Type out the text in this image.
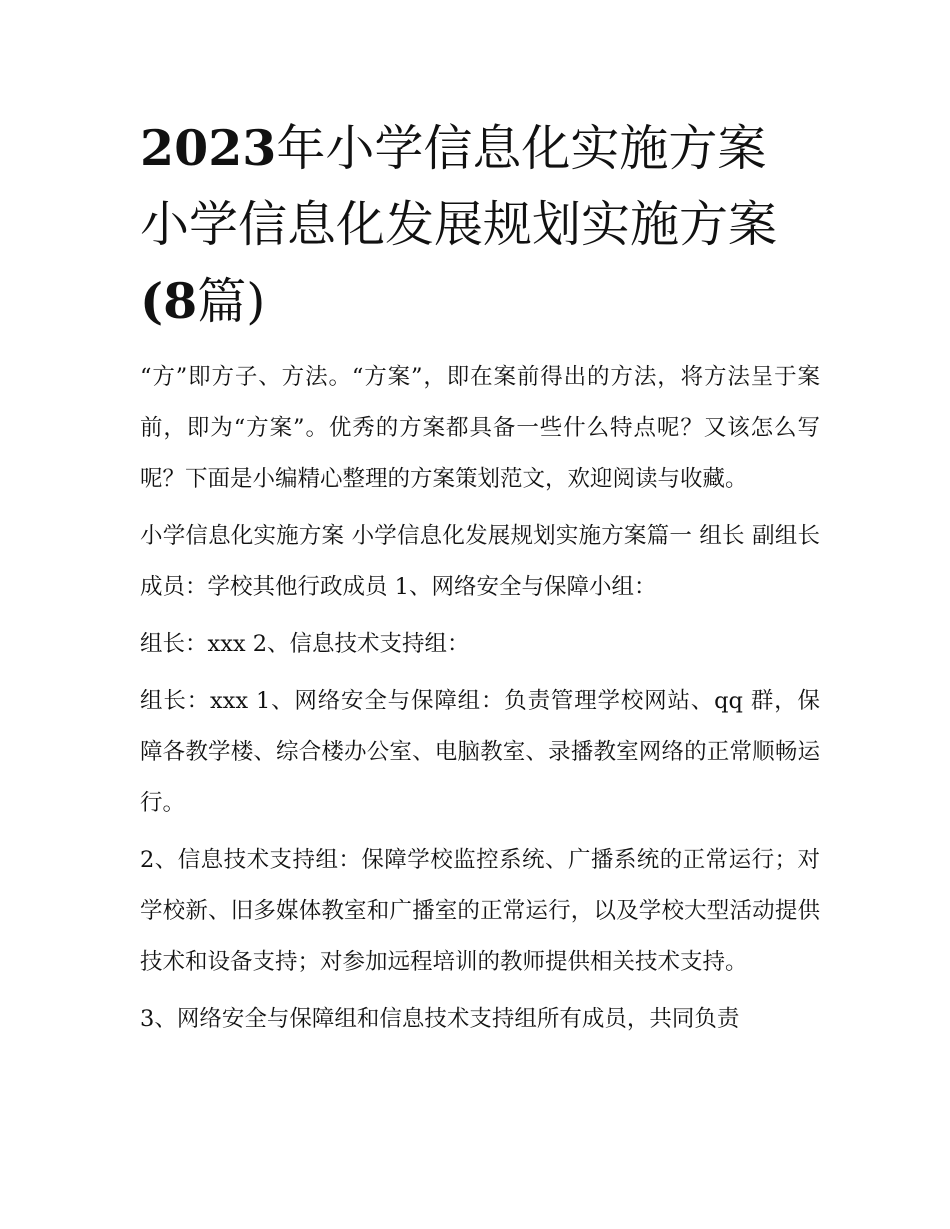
2023年小学信息化实施方案
小学信息化发展规划实施方案
(8篇)

“方”即方子、方法。“方案”，即在案前得出的方法，将方法呈于案前，即为“方案”。优秀的方案都具备一些什么特点呢？又该怎么写呢？下面是小编精心整理的方案策划范文，欢迎阅读与收藏。

小学信息化实施方案 小学信息化发展规划实施方案篇一 组长 副组长 成员：学校其他行政成员 1、网络安全与保障小组：

组长：xxx 2、信息技术支持组：

组长：xxx 1、网络安全与保障组：负责管理学校网站、qq 群，保障各教学楼、综合楼办公室、电脑教室、录播教室网络的正常顺畅运行。

2、信息技术支持组：保障学校监控系统、广播系统的正常运行；对学校新、旧多媒体教室和广播室的正常运行，以及学校大型活动提供技术和设备支持；对参加远程培训的教师提供相关技术支持。

3、网络安全与保障组和信息技术支持组所有成员，共同负责
